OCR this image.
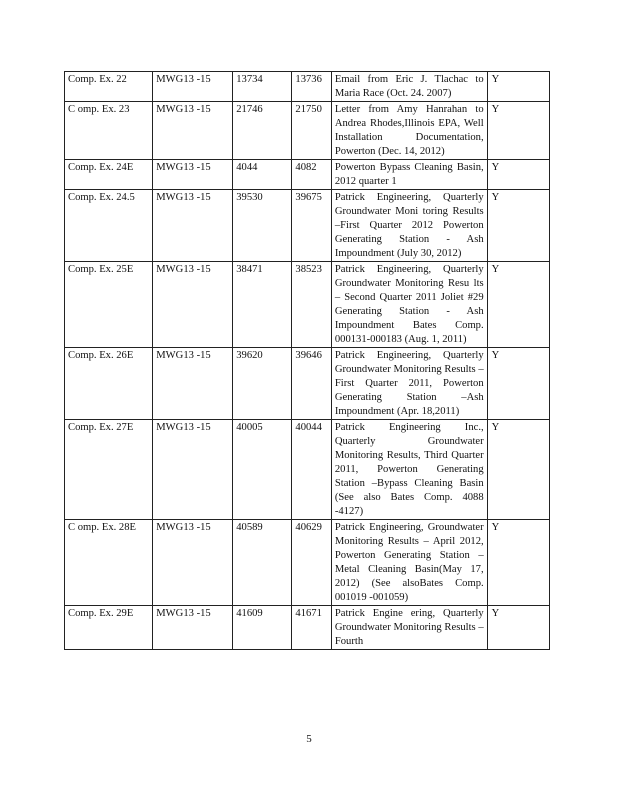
Comp. Ex. 22	MWG13 -15	13734	13736	Email from Eric J. Tlachac to Maria Race (Oct. 24. 2007)	Y
C omp. Ex. 23	MWG13 -15	21746	21750	Letter from Amy Hanrahan to Andrea Rhodes,Illinois EPA, Well Installation Documentation, Powerton (Dec. 14, 2012)	Y
Comp. Ex. 24E	MWG13 -15	4044	4082	Powerton Bypass Cleaning Basin, 2012 quarter 1	Y
Comp. Ex. 24.5	MWG13 -15	39530	39675	Patrick Engineering, Quarterly Groundwater Moni toring Results –First Quarter 2012 Powerton Generating Station - Ash Impoundment (July 30, 2012)	Y
Comp. Ex. 25E	MWG13 -15	38471	38523	Patrick Engineering, Quarterly Groundwater Monitoring Resu lts – Second Quarter 2011 Joliet #29 Generating Station - Ash Impoundment Bates Comp. 000131-000183 (Aug. 1, 2011)	Y
Comp. Ex. 26E	MWG13 -15	39620	39646	Patrick Engineering, Quarterly Groundwater Monitoring Results –First Quarter 2011, Powerton Generating Station –Ash Impoundment (Apr. 18,2011)	Y
Comp. Ex. 27E	MWG13 -15	40005	40044	Patrick Engineering Inc., Quarterly Groundwater Monitoring Results, Third Quarter 2011, Powerton Generating Station –Bypass Cleaning Basin (See also Bates Comp. 4088 -4127)	Y
C omp. Ex. 28E	MWG13 -15	40589	40629	Patrick Engineering, Groundwater Monitoring Results – April 2012, Powerton Generating Station –Metal Cleaning Basin(May 17, 2012) (See alsoBates Comp. 001019 -001059)	Y
Comp. Ex. 29E	MWG13 -15	41609	41671	Patrick Engine ering, Quarterly Groundwater Monitoring Results –Fourth	Y
5
